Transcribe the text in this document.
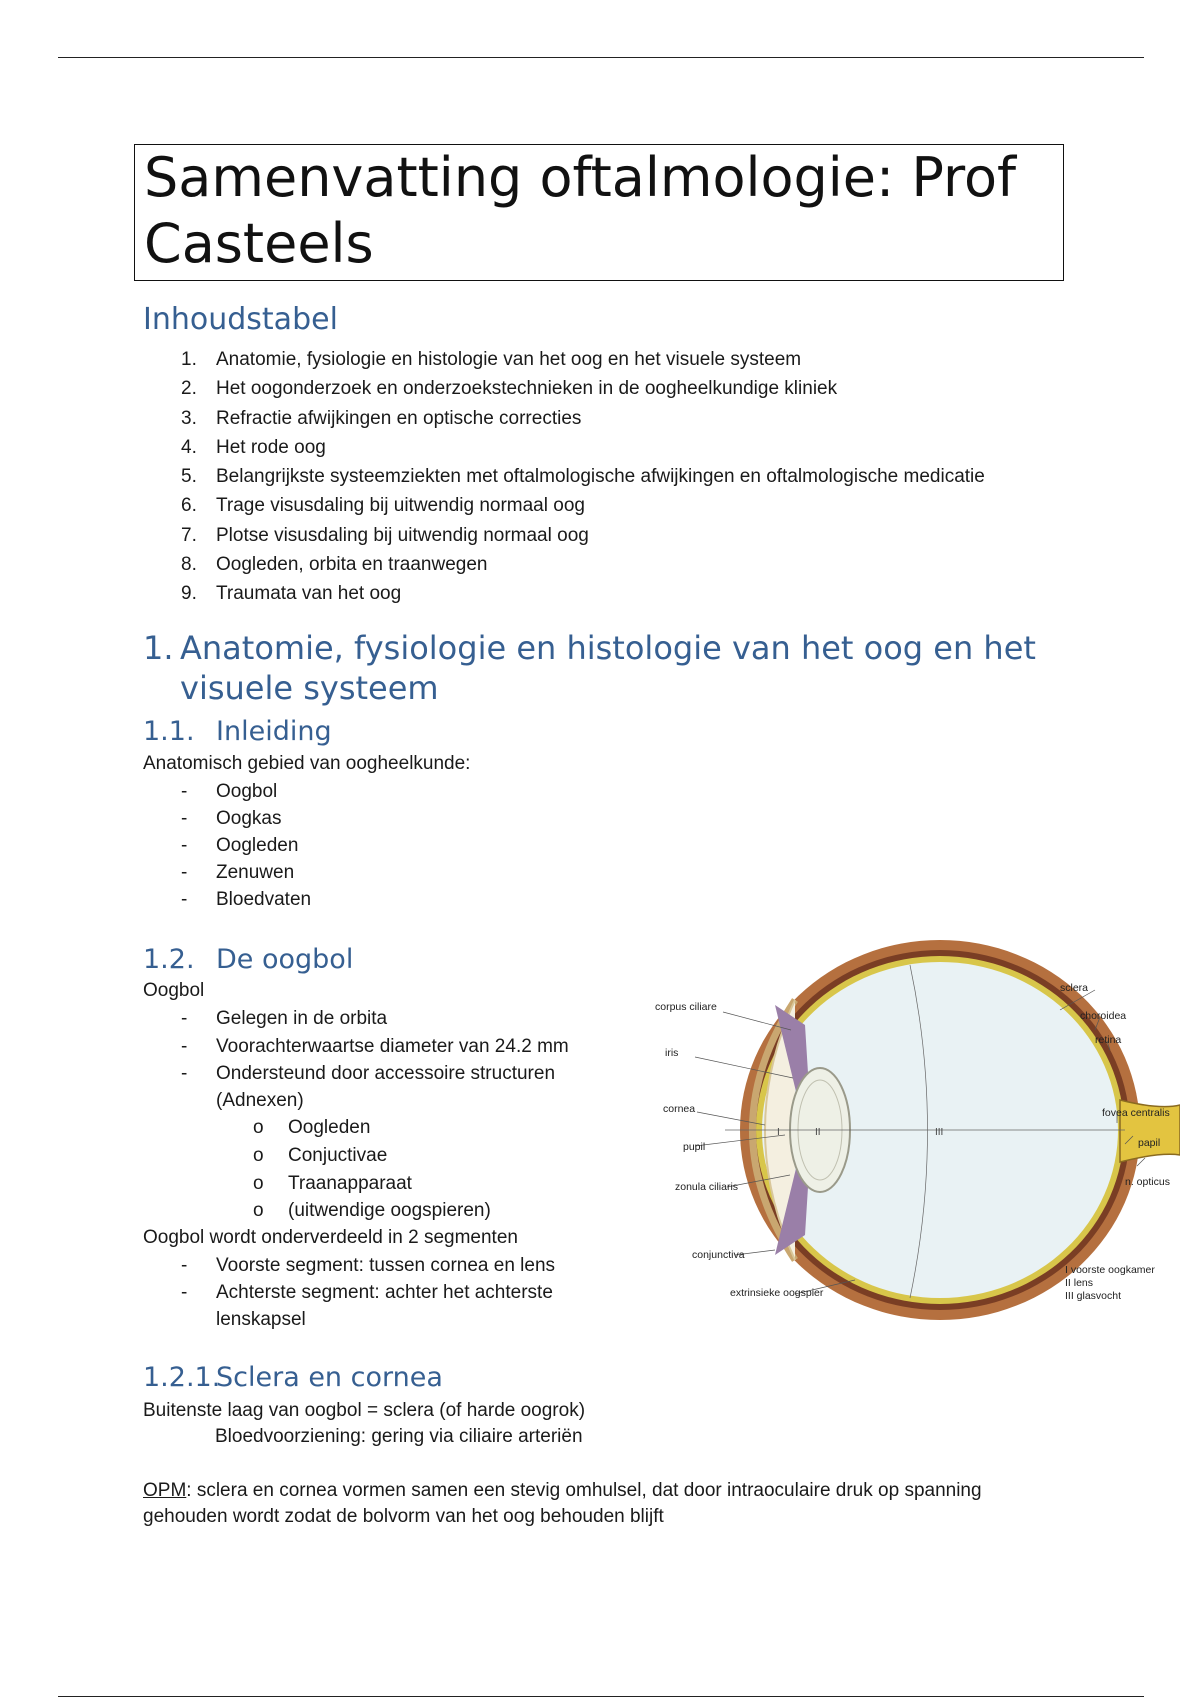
Samenvatting oftalmologie: Prof Casteels
Inhoudstabel
1.	Anatomie, fysiologie en histologie van het oog en het visuele systeem
2.	Het oogonderzoek en onderzoekstechnieken in de oogheelkundige kliniek
3.	Refractie afwijkingen en optische correcties
4.	Het rode oog
5.	Belangrijkste systeemziekten met oftalmologische afwijkingen en oftalmologische medicatie
6.	Trage visusdaling bij uitwendig normaal oog
7.	Plotse visusdaling bij uitwendig normaal oog
8.	Oogleden, orbita en traanwegen
9.	Traumata van het oog
1. Anatomie, fysiologie en histologie van het oog en het visuele systeem
1.1. Inleiding
Anatomisch gebied van oogheelkunde:
- Oogbol
- Oogkas
- Oogleden
- Zenuwen
- Bloedvaten
1.2. De oogbol
Oogbol
- Gelegen in de orbita
- Voorachterwaartse diameter van 24.2 mm
- Ondersteund door accessoire structuren
(Adnexen)
o Oogleden
o Conjuctivae
o Traanapparaat
o (uitwendige oogspieren)
Oogbol wordt onderverdeeld in 2 segmenten
- Voorste segment: tussen cornea en lens
- Achterste segment: achter het achterste
lenskapsel
1.2.1.
Sclera en cornea
Buitenste laag van oogbol = sclera (of harde oogrok)
Bloedvoorziening: gering via ciliaire arteriën
OPM: sclera en cornea vormen samen een stevig omhulsel, dat door intraoculaire druk op spanning
gehouden wordt zodat de bolvorm van het oog behouden blijft
corpus ciliare
iris
cornea
pupil
zonula ciliaris
conjunctiva
extrinsieke oogspier
sclera
choroidea
retina
fovea centralis
papil
n. opticus
I	II	III
I voorste oogkamer
II lens
III glasvocht
